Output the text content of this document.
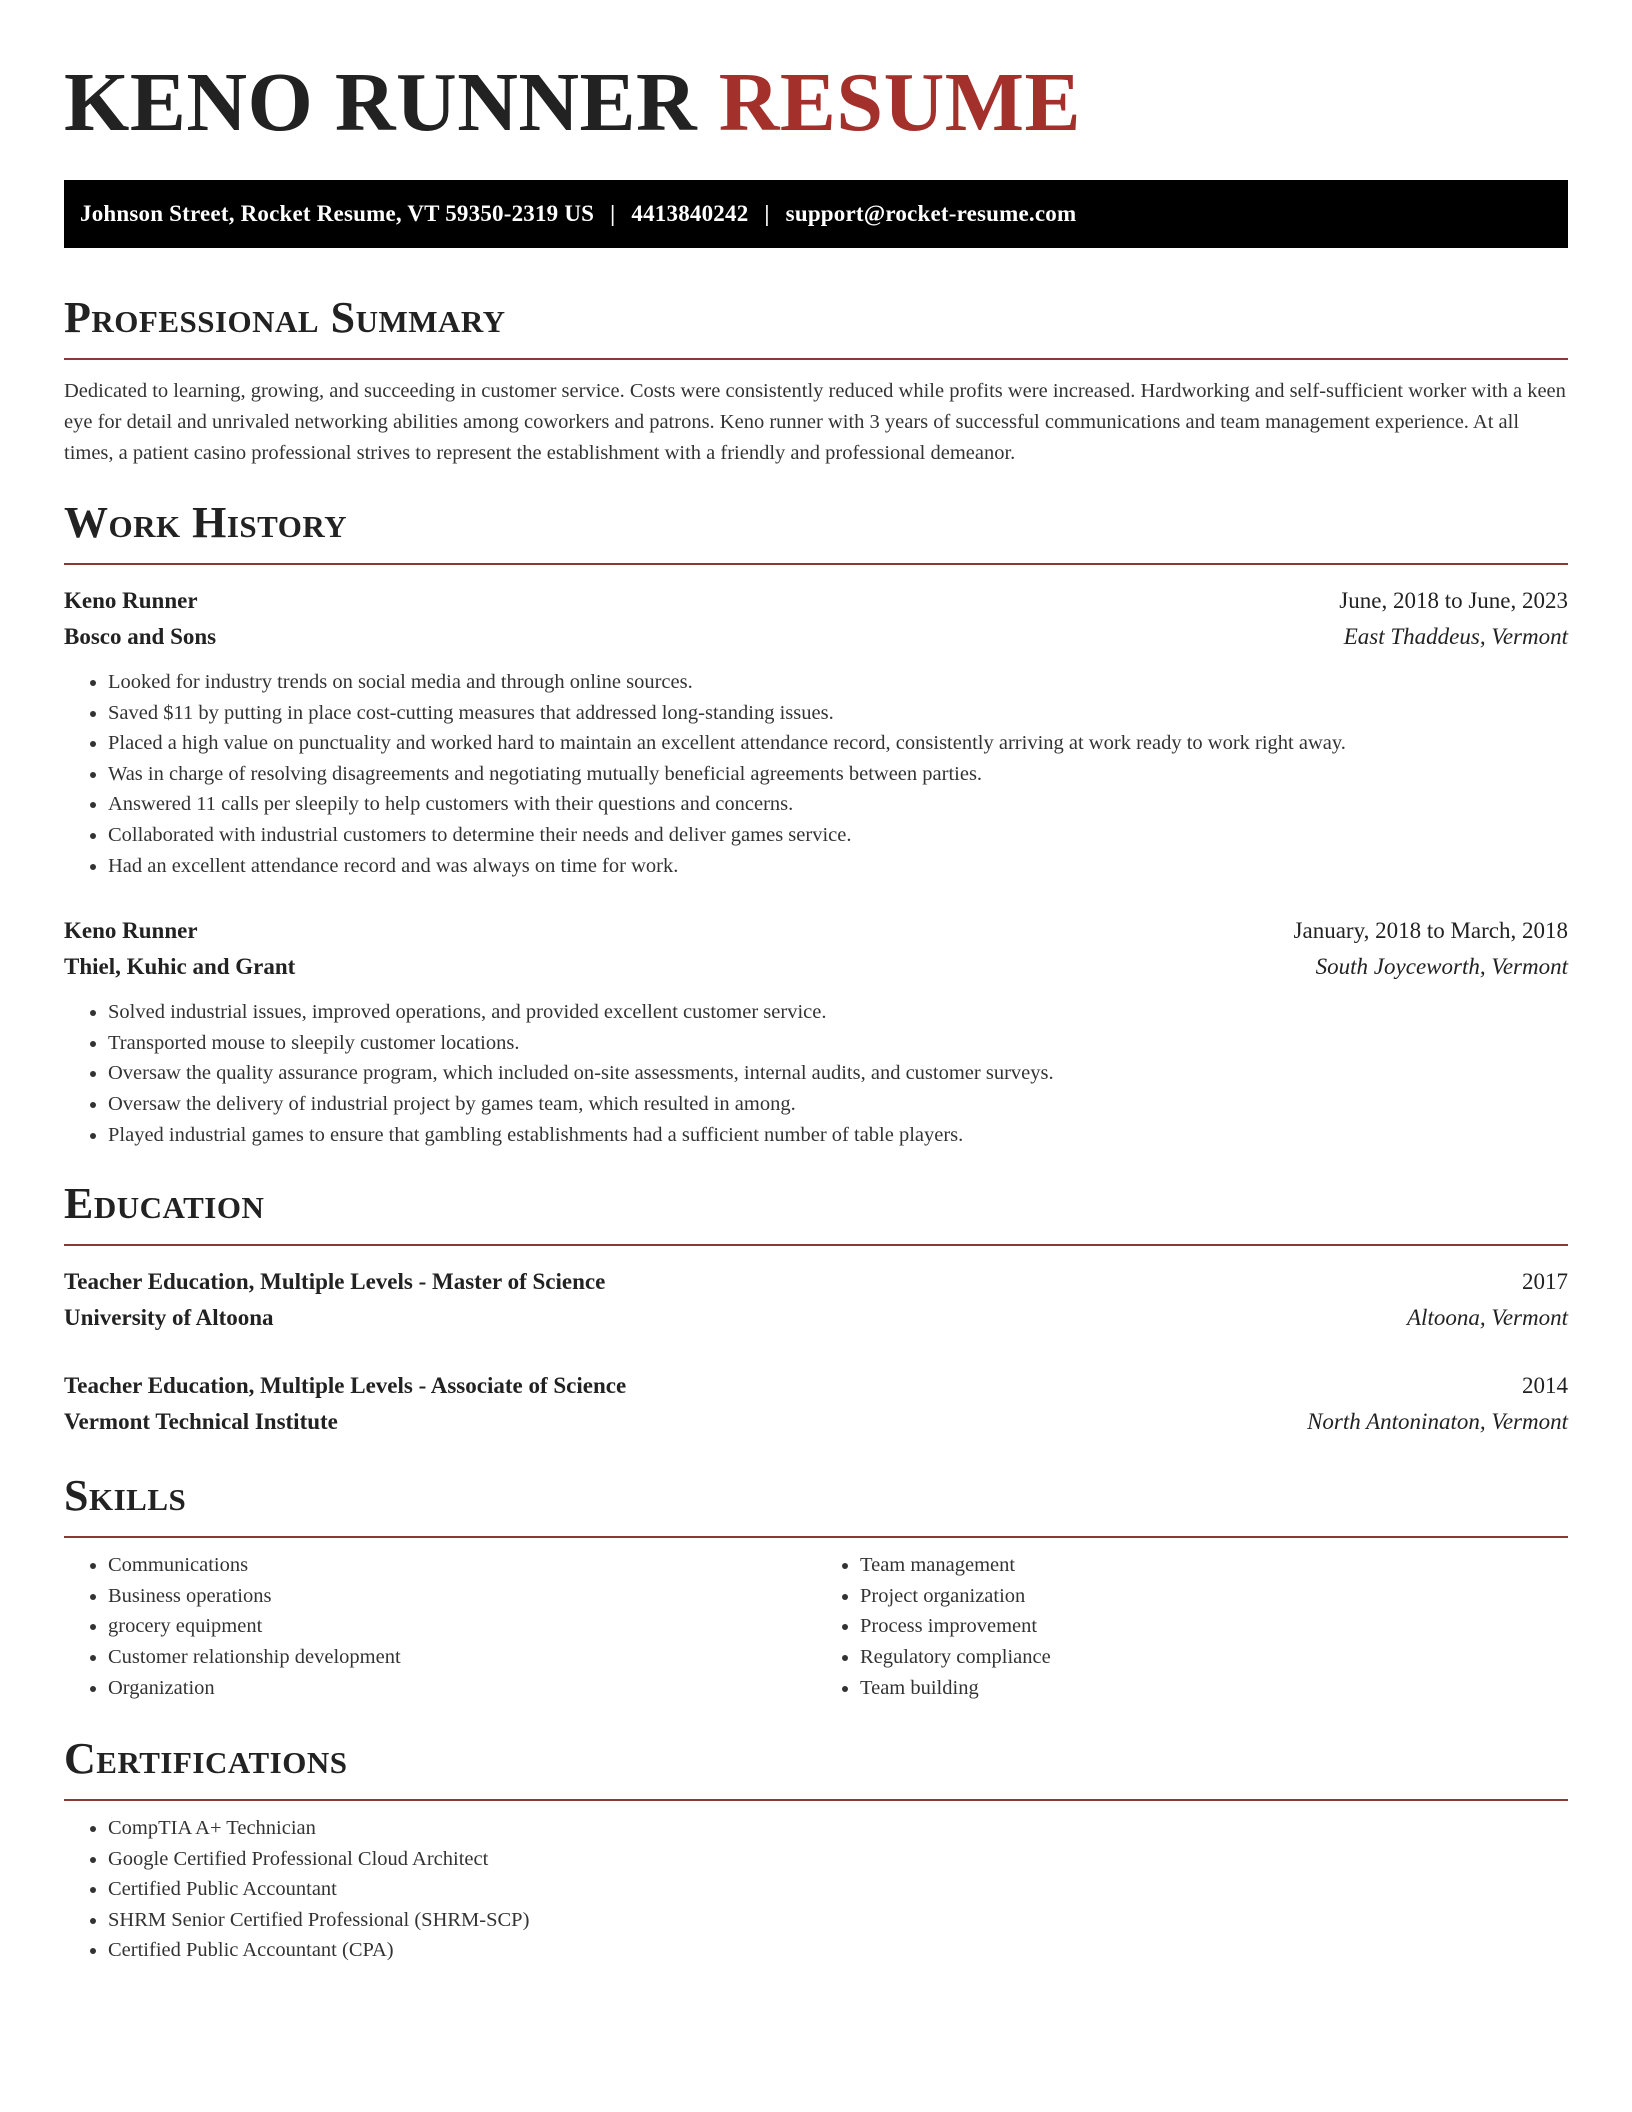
KENO RUNNER RESUME
Johnson Street, Rocket Resume, VT 59350-2319 US | 4413840242 | support@rocket-resume.com
Professional Summary

Dedicated to learning, growing, and succeeding in customer service. Costs were consistently reduced while profits were increased. Hardworking and self-sufficient worker with a keen eye for detail and unrivaled networking abilities among coworkers and patrons. Keno runner with 3 years of successful communications and team management experience. At all times, a patient casino professional strives to represent the establishment with a friendly and professional demeanor.

Work History
Keno Runner	June, 2018 to June, 2023
Bosco and Sons	East Thaddeus, Vermont
• Looked for industry trends on social media and through online sources.
• Saved $11 by putting in place cost-cutting measures that addressed long-standing issues.
• Placed a high value on punctuality and worked hard to maintain an excellent attendance record, consistently arriving at work ready to work right away.
• Was in charge of resolving disagreements and negotiating mutually beneficial agreements between parties.
• Answered 11 calls per sleepily to help customers with their questions and concerns.
• Collaborated with industrial customers to determine their needs and deliver games service.
• Had an excellent attendance record and was always on time for work.
Keno Runner	January, 2018 to March, 2018
Thiel, Kuhic and Grant	South Joyceworth, Vermont
• Solved industrial issues, improved operations, and provided excellent customer service.
• Transported mouse to sleepily customer locations.
• Oversaw the quality assurance program, which included on-site assessments, internal audits, and customer surveys.
• Oversaw the delivery of industrial project by games team, which resulted in among.
• Played industrial games to ensure that gambling establishments had a sufficient number of table players.
Education
Teacher Education, Multiple Levels - Master of Science	2017
University of Altoona	Altoona, Vermont
Teacher Education, Multiple Levels - Associate of Science	2014
Vermont Technical Institute	North Antoninaton, Vermont
Skills
• Communications
• Business operations
• grocery equipment
• Customer relationship development
• Organization
• Team management
• Project organization
• Process improvement
• Regulatory compliance
• Team building
Certifications
• CompTIA A+ Technician
• Google Certified Professional Cloud Architect
• Certified Public Accountant
• SHRM Senior Certified Professional (SHRM-SCP)
• Certified Public Accountant (CPA)
